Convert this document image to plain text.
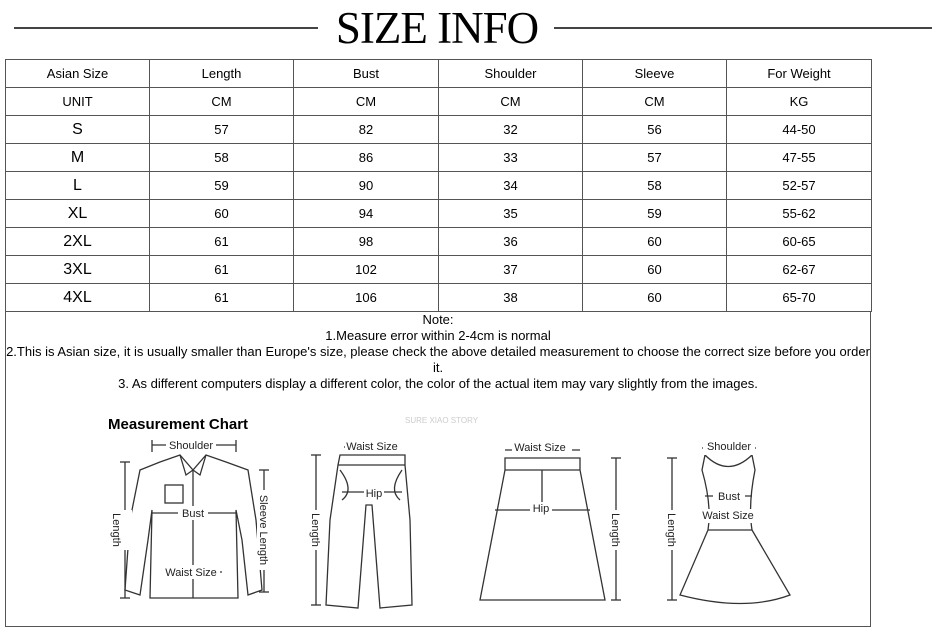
SIZE INFO
Asian Size	Length	Bust	Shoulder	Sleeve	For Weight
UNIT	CM	CM	CM	CM	KG
S	57	82	32	56	44-50
M	58	86	33	57	47-55
L	59	90	34	58	52-57
XL	60	94	35	59	55-62
2XL	61	98	36	60	60-65
3XL	61	102	37	60	62-67
4XL	61	106	38	60	65-70
Note:
1.Measure error within 2-4cm is normal
2.This is Asian size, it is usually smaller than Europe's size, please check the above detailed measurement to choose the correct size before you order it.
3. As different computers display a different color, the color of the actual item may vary slightly from the images.
Measurement Chart	SURE XIAO STORY
Shoulder
Bust
Waist Size
Length	Sleeve Length
Waist Size
Hip
Length
Waist Size
Hip
Length
Shoulder
Bust
Waist Size
Length
